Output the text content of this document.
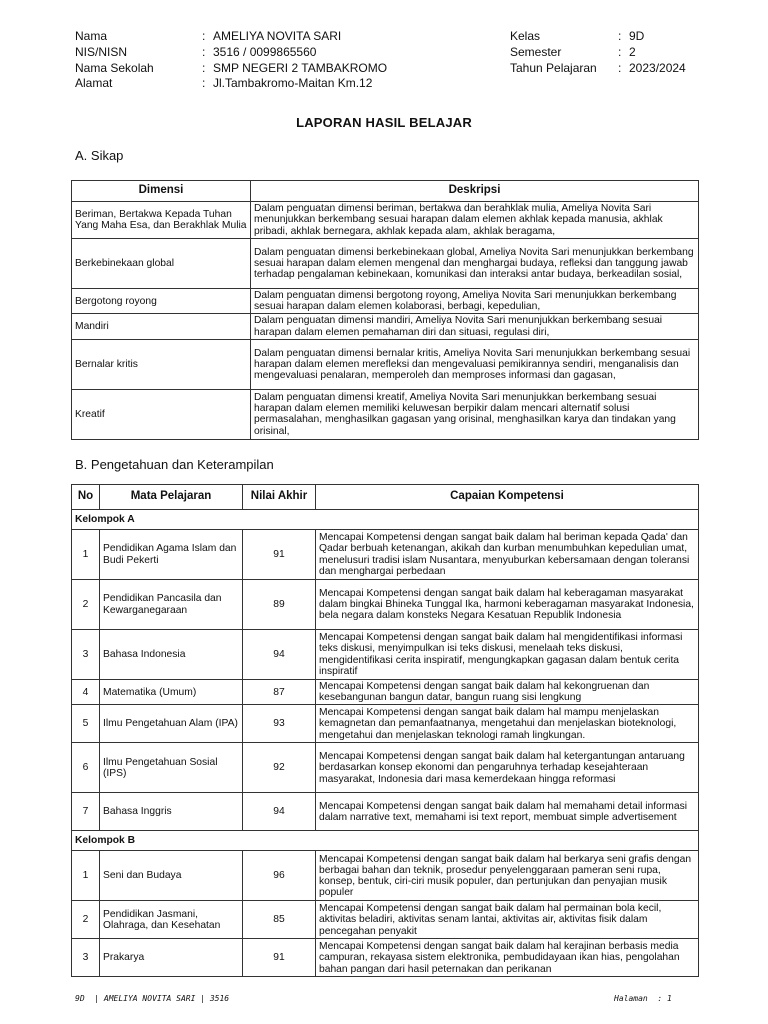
Nama	: AMELIYA NOVITA SARI
NIS/NISN	: 3516 / 0099865560
Nama Sekolah	: SMP NEGERI 2 TAMBAKROMO
Alamat	: Jl.Tambakromo-Maitan Km.12
Kelas	: 9D
Semester	: 2
Tahun Pelajaran	: 2023/2024
LAPORAN HASIL BELAJAR
A. Sikap
Dimensi	Deskripsi
Beriman, Bertakwa Kepada Tuhan Yang Maha Esa, dan Berakhlak Mulia	Dalam penguatan dimensi beriman, bertakwa dan berahklak mulia, Ameliya Novita Sari menunjukkan berkembang sesuai harapan dalam elemen akhlak kepada manusia, akhlak pribadi, akhlak bernegara, akhlak kepada alam, akhlak beragama,
Berkebinekaan global	Dalam penguatan dimensi berkebinekaan global, Ameliya Novita Sari menunjukkan berkembang sesuai harapan dalam elemen mengenal dan menghargai budaya, refleksi dan tanggung jawab terhadap pengalaman kebinekaan, komunikasi dan interaksi antar budaya, berkeadilan sosial,
Bergotong royong	Dalam penguatan dimensi bergotong royong, Ameliya Novita Sari menunjukkan berkembang sesuai harapan dalam elemen kolaborasi, berbagi, kepedulian,
Mandiri	Dalam penguatan dimensi mandiri, Ameliya Novita Sari menunjukkan berkembang sesuai harapan dalam elemen pemahaman diri dan situasi, regulasi diri,
Bernalar kritis	Dalam penguatan dimensi bernalar kritis, Ameliya Novita Sari menunjukkan berkembang sesuai harapan dalam elemen merefleksi dan mengevaluasi pemikirannya sendiri, menganalisis dan mengevaluasi penalaran, memperoleh dan memproses informasi dan gagasan,
Kreatif	Dalam penguatan dimensi kreatif, Ameliya Novita Sari menunjukkan berkembang sesuai harapan dalam elemen memiliki keluwesan berpikir dalam mencari alternatif solusi permasalahan, menghasilkan gagasan yang orisinal, menghasilkan karya dan tindakan yang orisinal,
B. Pengetahuan dan Keterampilan
No	Mata Pelajaran	Nilai Akhir	Capaian Kompetensi
Kelompok A			
1	Pendidikan Agama Islam dan Budi Pekerti	91	Mencapai Kompetensi dengan sangat baik dalam hal beriman kepada Qada' dan Qadar berbuah ketenangan, akikah dan kurban menumbuhkan kepedulian umat, menelusuri tradisi islam Nusantara, menyuburkan kebersamaan dengan toleransi dan menghargai perbedaan
2	Pendidikan Pancasila dan Kewarganegaraan	89	Mencapai Kompetensi dengan sangat baik dalam hal keberagaman masyarakat dalam bingkai Bhineka Tunggal Ika, harmoni keberagaman masyarakat Indonesia, bela negara dalam konsteks Negara Kesatuan Republik Indonesia
3	Bahasa Indonesia	94	Mencapai Kompetensi dengan sangat baik dalam hal mengidentifikasi informasi teks diskusi, menyimpulkan isi teks diskusi, menelaah teks diskusi, mengidentifikasi cerita inspiratif, mengungkapkan gagasan dalam bentuk cerita inspiratif
4	Matematika (Umum)	87	Mencapai Kompetensi dengan sangat baik dalam hal kekongruenan dan kesebangunan bangun datar, bangun ruang sisi lengkung
5	Ilmu Pengetahuan Alam (IPA)	93	Mencapai Kompetensi dengan sangat baik dalam hal mampu menjelaskan kemagnetan dan pemanfaatnanya, mengetahui dan menjelaskan bioteknologi, mengetahui dan menjelaskan teknologi ramah lingkungan.
6	Ilmu Pengetahuan Sosial (IPS)	92	Mencapai Kompetensi dengan sangat baik dalam hal ketergantungan antaruang berdasarkan konsep ekonomi dan pengaruhnya terhadap kesejahteraan masyarakat, Indonesia dari masa kemerdekaan hingga reformasi
7	Bahasa Inggris	94	Mencapai Kompetensi dengan sangat baik dalam hal memahami detail informasi dalam narrative text, memahami isi text report, membuat simple advertisement
Kelompok B			
1	Seni dan Budaya	96	Mencapai Kompetensi dengan sangat baik dalam hal berkarya seni grafis dengan berbagai bahan dan teknik, prosedur penyelenggaraan pameran seni rupa, konsep, bentuk, ciri-ciri musik populer, dan pertunjukan dan penyajian musik populer
2	Pendidikan Jasmani, Olahraga, dan Kesehatan	85	Mencapai Kompetensi dengan sangat baik dalam hal permainan bola kecil, aktivitas beladiri, aktivitas senam lantai, aktivitas air, aktivitas fisik dalam pencegahan penyakit
3	Prakarya	91	Mencapai Kompetensi dengan sangat baik dalam hal kerajinan berbasis media campuran, rekayasa sistem elektronika, pembudidayaan ikan hias, pengolahan bahan pangan dari hasil peternakan dan perikanan
9D  | AMELIYA NOVITA SARI | 3516	Halaman  : 1
